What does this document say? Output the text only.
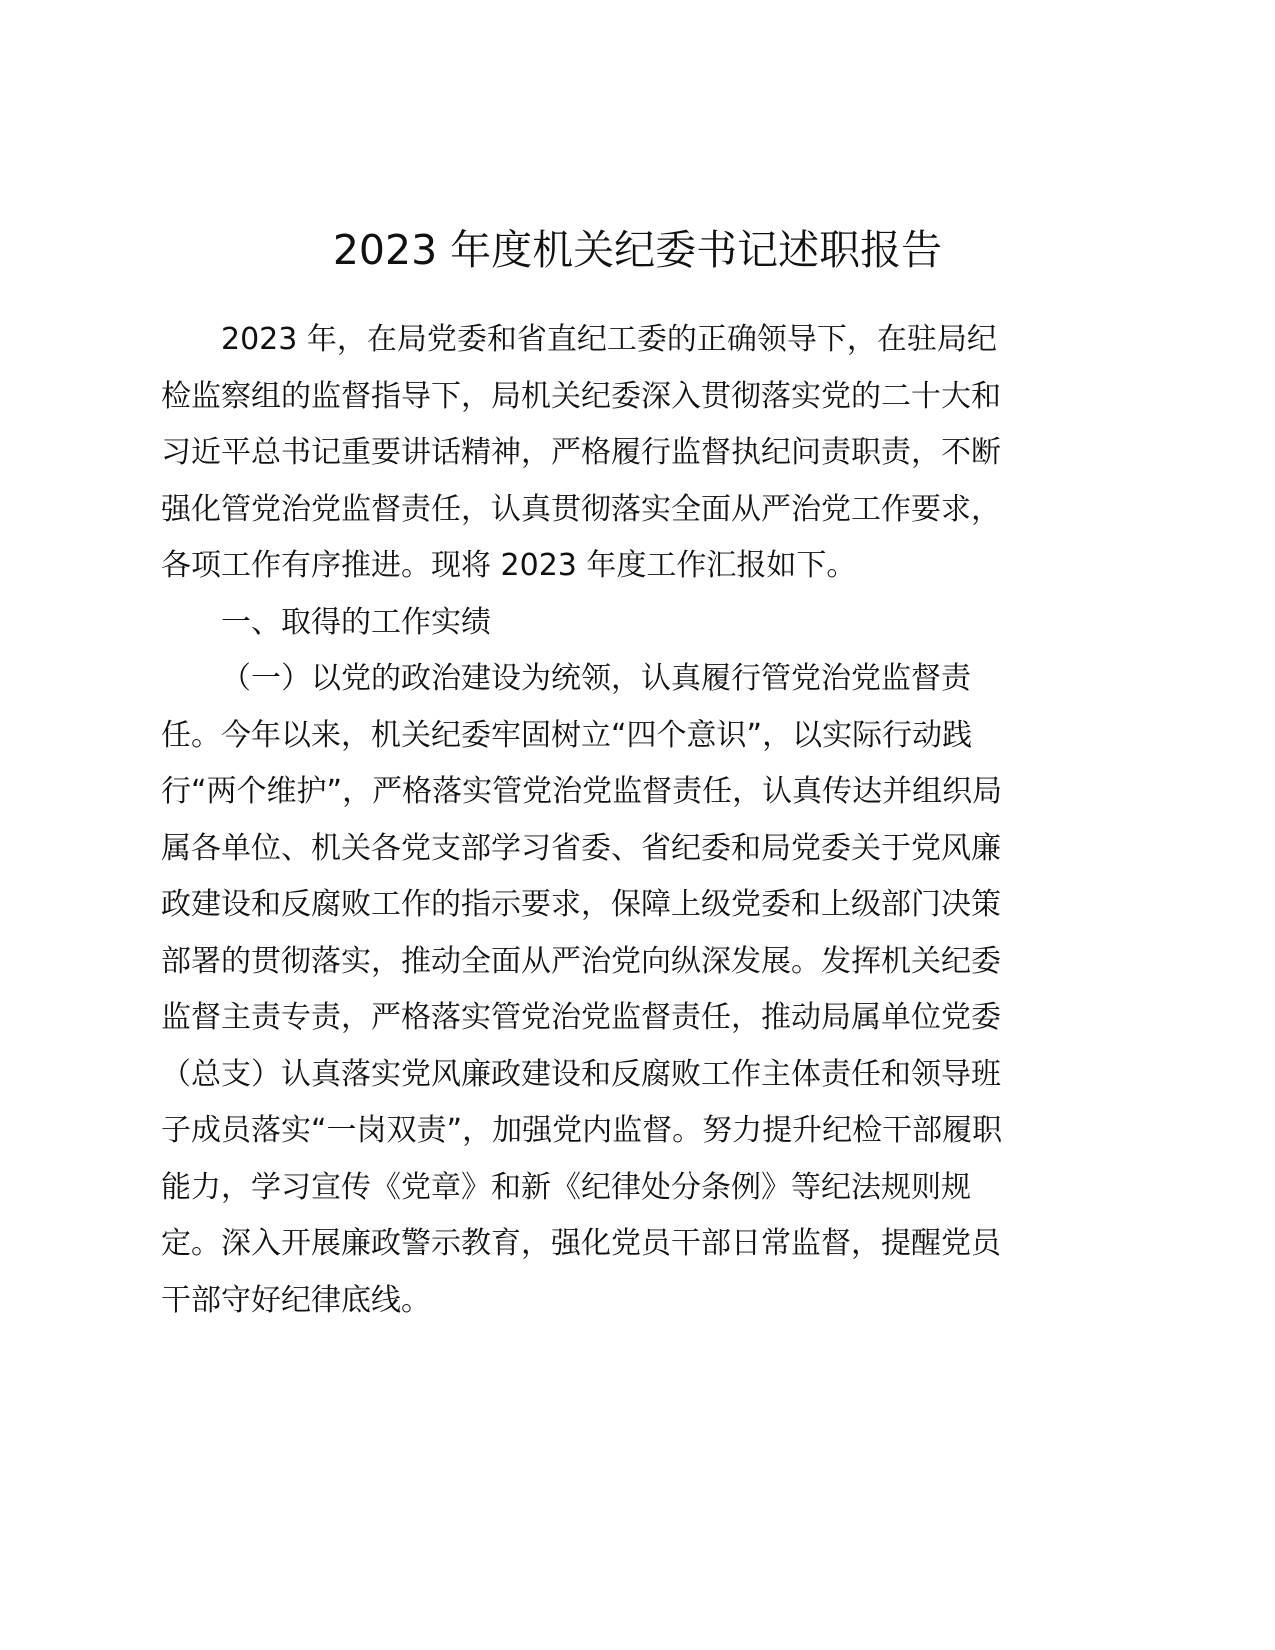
2023 年度机关纪委书记述职报告
2023 年，在局党委和省直纪工委的正确领导下，在驻局纪
检监察组的监督指导下，局机关纪委深入贯彻落实党的二十大和
习近平总书记重要讲话精神，严格履行监督执纪问责职责，不断
强化管党治党监督责任，认真贯彻落实全面从严治党工作要求，
各项工作有序推进。现将 2023 年度工作汇报如下。
一、取得的工作实绩
（一）以党的政治建设为统领，认真履行管党治党监督责
任。今年以来，机关纪委牢固树立“四个意识”，以实际行动践
行“两个维护”，严格落实管党治党监督责任，认真传达并组织局
属各单位、机关各党支部学习省委、省纪委和局党委关于党风廉
政建设和反腐败工作的指示要求，保障上级党委和上级部门决策
部署的贯彻落实，推动全面从严治党向纵深发展。发挥机关纪委
监督主责专责，严格落实管党治党监督责任，推动局属单位党委
（总支）认真落实党风廉政建设和反腐败工作主体责任和领导班
子成员落实“一岗双责”，加强党内监督。努力提升纪检干部履职
能力，学习宣传《党章》和新《纪律处分条例》等纪法规则规
定。深入开展廉政警示教育，强化党员干部日常监督，提醒党员
干部守好纪律底线。
